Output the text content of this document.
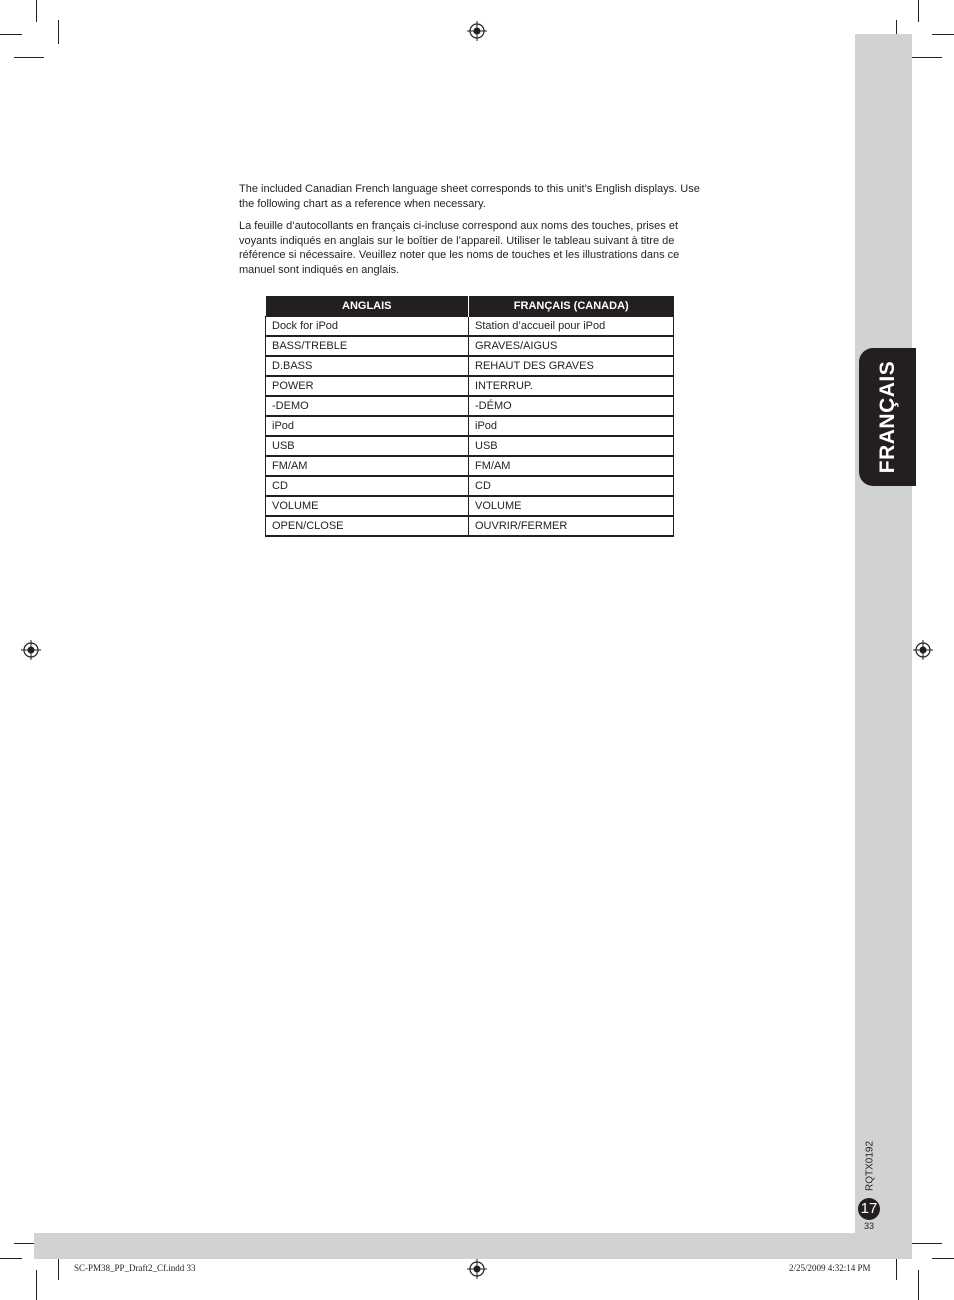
FRANÇAIS

The included Canadian French language sheet corresponds to this unit’s English displays. Use the following chart as a reference when necessary.

La feuille d’autocollants en français ci-incluse correspond aux noms des touches, prises et voyants indiqués en anglais sur le boîtier de l’appareil. Utiliser le tableau suivant à titre de référence si nécessaire. Veuillez noter que les noms de touches et les illustrations dans ce manuel sont indiqués en anglais.

ANGLAIS	FRANÇAIS (CANADA)
Dock for iPod	Station d’accueil pour iPod
BASS/TREBLE	GRAVES/AIGUS
D.BASS	REHAUT DES GRAVES
POWER	INTERRUP.
-DEMO	-DÉMO
iPod	iPod
USB	USB
FM/AM	FM/AM
CD	CD
VOLUME	VOLUME
OPEN/CLOSE	OUVRIR/FERMER
RQTX0192
17
33
SC-PM38_PP_Draft2_Cf.indd 33	2/25/2009 4:32:14 PM
